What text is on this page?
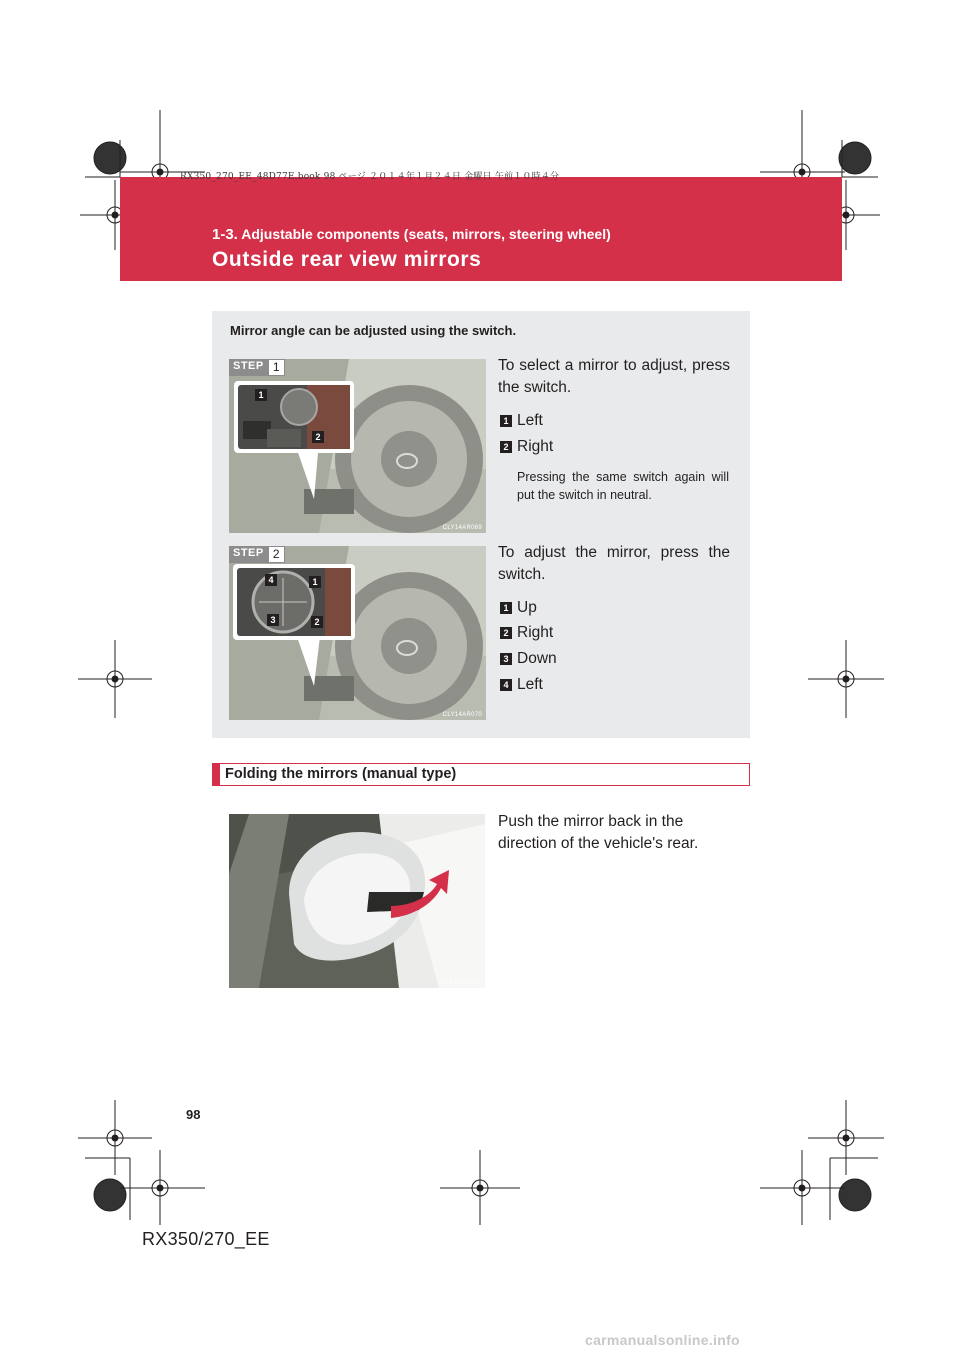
RX350_270_EE_48D77E.book 98 ページ ２０１４年１月２４日 金曜日 午前１０時４分
1-3. Adjustable components (seats, mirrors, steering wheel)
Outside rear view mirrors
Mirror angle can be adjusted using the switch.
STEP 1
1
2
CLY14AR069
To select a mirror to adjust, press the switch.
1 Left
2 Right
Pressing the same switch again will put the switch in neutral.
STEP 2
4	1
3	2
CLY14AR070
To adjust the mirror, press the switch.
1 Up
2 Right
3 Down
4 Left
Folding the mirrors (manual type)
Push the mirror back in the direction of the vehicle's rear.
CLY14AR071
98
RX350/270_EE
carmanualsonline.info
